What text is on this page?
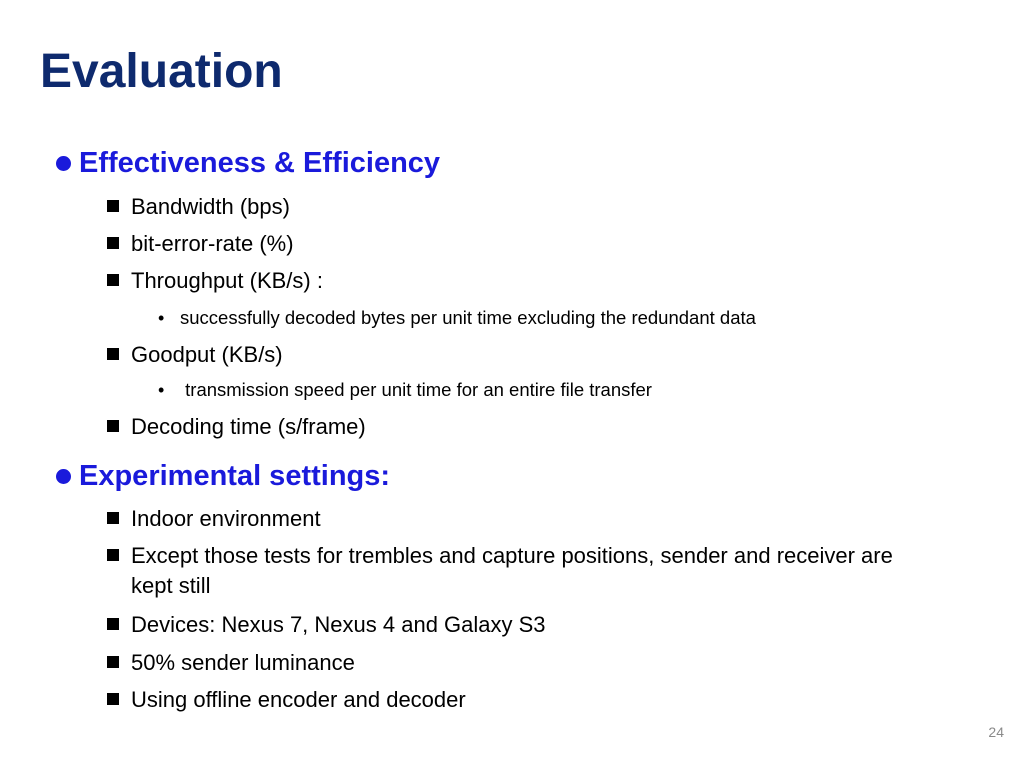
Evaluation
Effectiveness & Efficiency
Bandwidth (bps)
bit-error-rate (%)
Throughput (KB/s) :
• successfully decoded bytes per unit time excluding the redundant data
Goodput (KB/s)
• transmission speed per unit time for an entire file transfer
Decoding time (s/frame)
Experimental settings:
Indoor environment
Except those tests for trembles and capture positions, sender and receiver are kept still
Devices: Nexus 7, Nexus 4 and Galaxy S3
50% sender luminance
Using offline encoder and decoder
24
